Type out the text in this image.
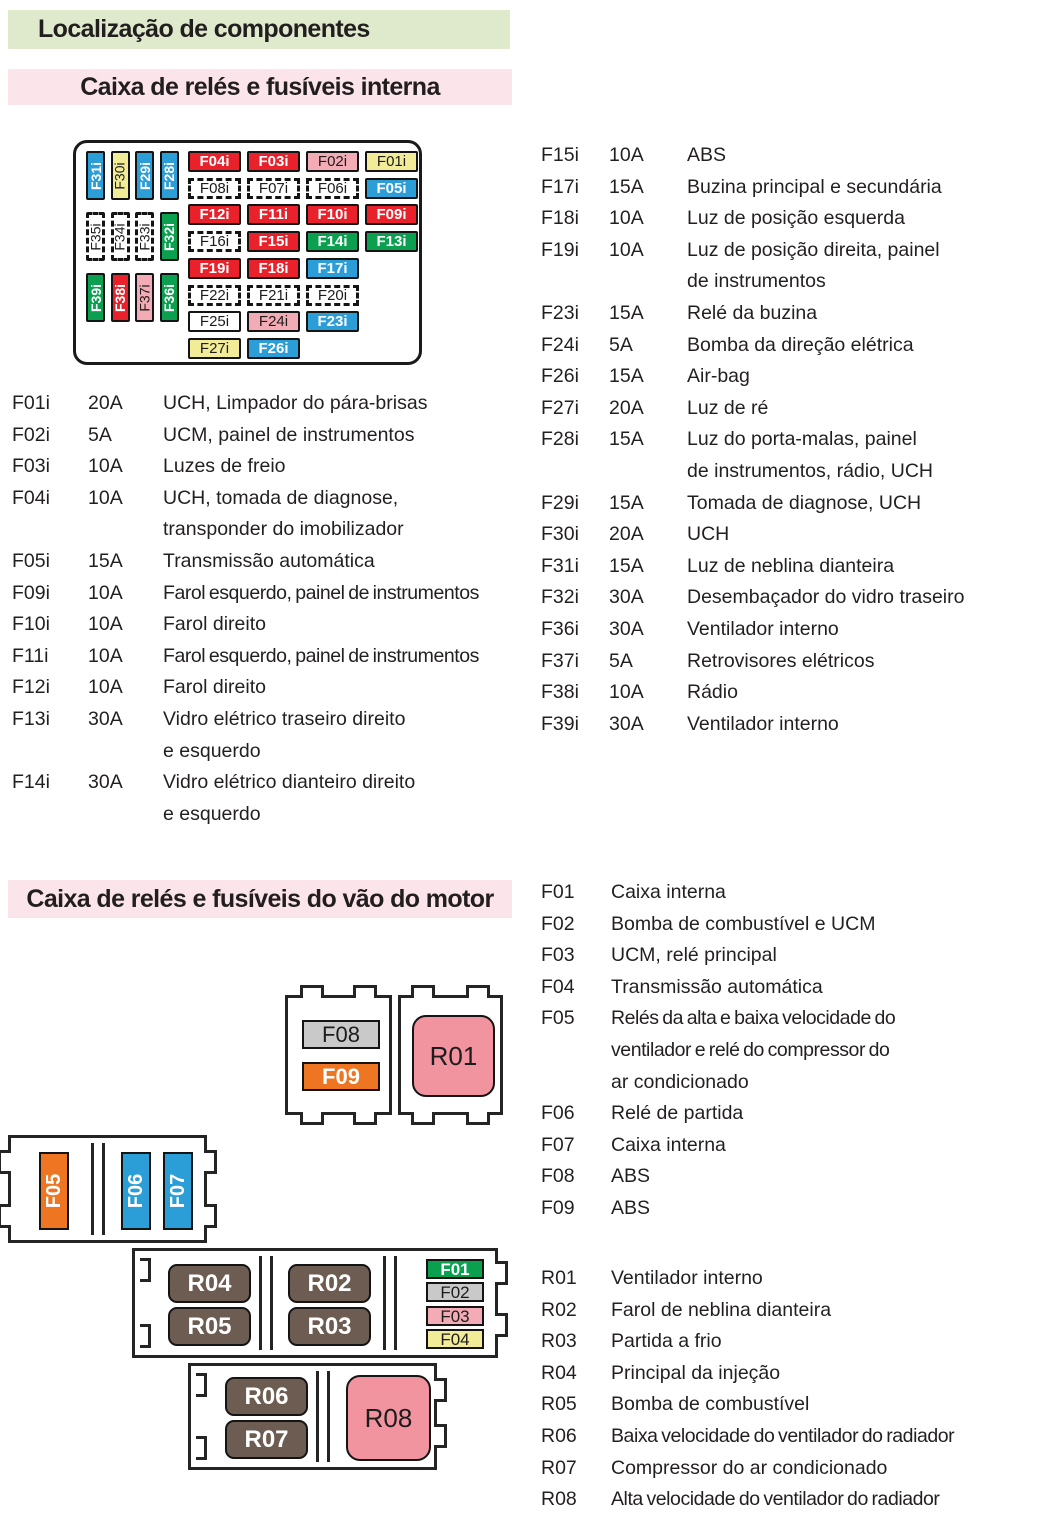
Localização de componentes
Caixa de relés e fusíveis interna
F31i F30i F29i F28i
F35i F34i F33i F32i
F39i F38i F37i F36i
F04i F03i F02i F01i
F08i F07i F06i F05i
F12i F11i F10i F09i
F16i F15i F14i F13i
F19i F18i F17i
F22i F21i F20i
F25i F24i F23i
F27i F26i
F01i	20A	UCH, Limpador do pára-brisas
F02i	5A	UCM, painel de instrumentos
F03i	10A	Luzes de freio
F04i	10A	UCH, tomada de diagnose,
transponder do imobilizador
F05i	15A	Transmissão automática
F09i	10A	Farol esquerdo, painel de instrumentos
F10i	10A	Farol direito
F11i	10A	Farol esquerdo, painel de instrumentos
F12i	10A	Farol direito
F13i	30A	Vidro elétrico traseiro direito
e esquerdo
F14i	30A	Vidro elétrico dianteiro direito
e esquerdo
F15i	10A	ABS
F17i	15A	Buzina principal e secundária
F18i	10A	Luz de posição esquerda
F19i	10A	Luz de posição direita, painel
de instrumentos
F23i	15A	Relé da buzina
F24i	5A	Bomba da direção elétrica
F26i	15A	Air-bag
F27i	20A	Luz de ré
F28i	15A	Luz do porta-malas, painel
de instrumentos, rádio, UCH
F29i	15A	Tomada de diagnose, UCH
F30i	20A	UCH
F31i	15A	Luz de neblina dianteira
F32i	30A	Desembaçador do vidro traseiro
F36i	30A	Ventilador interno
F37i	5A	Retrovisores elétricos
F38i	10A	Rádio
F39i	30A	Ventilador interno
Caixa de relés e fusíveis do vão do motor F01	Caixa interna
F02	Bomba de combustível e UCM
F03	UCM, relé principal
F04	Transmissão automática
F05	Relés da alta e baixa velocidade do
ventilador e relé do compressor do
ar condicionado
F06	Relé de partida
F07	Caixa interna
F08	ABS
F09	ABS
R01	Ventilador interno
R02	Farol de neblina dianteira
R03	Partida a frio
R04	Principal da injeção
R05	Bomba de combustível
R06	Baixa velocidade do ventilador do radiador
R07	Compressor do ar condicionado
R08	Alta velocidade do ventilador do radiador
F08
F09
R01
F05	F06 F07
R04
R05
R02
R03
F01
F02
F03
F04
R06
R07
R08
